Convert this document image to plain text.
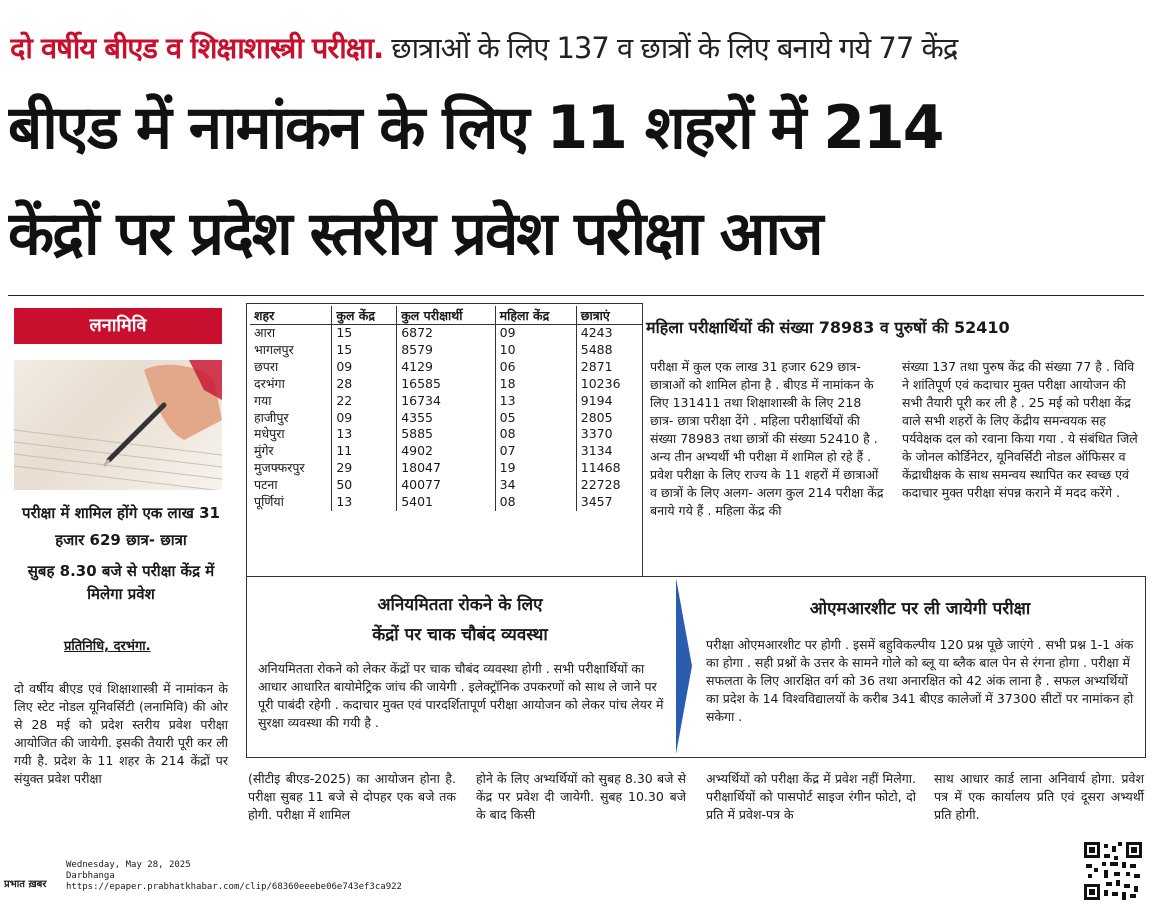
दो वर्षीय बीएड व शिक्षाशास्त्री परीक्षा. छात्राओं के लिए 137 व छात्रों के लिए बनाये गये 77 केंद्र
बीएड में नामांकन के लिए 11 शहरों में 214
केंद्रों पर प्रदेश स्तरीय प्रवेश परीक्षा आज
लनामिवि
परीक्षा में शामिल होंगे एक लाख 31 हजार 629 छात्र- छात्रा
सुबह 8.30 बजे से परीक्षा केंद्र में मिलेगा प्रवेश
प्रतिनिधि, दरभंगा.
दो वर्षीय बीएड एवं शिक्षाशास्त्री में नामांकन के लिए स्टेट नोडल यूनिवर्सिटी (लनामिवि) की ओर से 28 मई को प्रदेश स्तरीय प्रवेश परीक्षा आयोजित की जायेगी. इसकी तैयारी पूरी कर ली गयी है. प्रदेश के 11 शहर के 214 केंद्रों पर संयुक्त प्रवेश परीक्षा
शहर	कुल केंद्र	कुल परीक्षार्थी	महिला केंद्र	छात्राएं
आरा	15	6872	09	4243
भागलपुर	15	8579	10	5488
छपरा	09	4129	06	2871
दरभंगा	28	16585	18	10236
गया	22	16734	13	9194
हाजीपुर	09	4355	05	2805
मधेपुरा	13	5885	08	3370
मुंगेर	11	4902	07	3134
मुजफ्फरपुर	29	18047	19	11468
पटना	50	40077	34	22728
पूर्णियां	13	5401	08	3457
महिला परीक्षार्थियों की संख्या 78983 व पुरुषों की 52410
परीक्षा में कुल एक लाख 31 हजार 629 छात्र- छात्राओं को शामिल होना है . बीएड में नामांकन के लिए 131411 तथा शिक्षाशास्त्री के लिए 218 छात्र- छात्रा परीक्षा देंगे . महिला परीक्षार्थियों की संख्या 78983 तथा छात्रों की संख्या 52410 है . अन्य तीन अभ्यर्थी भी परीक्षा में शामिल हो रहे हैं . प्रवेश परीक्षा के लिए राज्य के 11 शहरों में छात्राओं व छात्रों के लिए अलग- अलग कुल 214 परीक्षा केंद्र बनाये गये हैं . महिला केंद्र की
संख्या 137 तथा पुरुष केंद्र की संख्या 77 है . विवि ने शांतिपूर्ण एवं कदाचार मुक्त परीक्षा आयोजन की सभी तैयारी पूरी कर ली है . 25 मई को परीक्षा केंद्र वाले सभी शहरों के लिए केंद्रीय समन्वयक सह पर्यवेक्षक दल को रवाना किया गया . ये संबंधित जिले के जोनल कोर्डिनेटर, यूनिवर्सिटी नोडल ऑफिसर व केंद्राधीक्षक के साथ समन्वय स्थापित कर स्वच्छ एवं कदाचार मुक्त परीक्षा संपन्न कराने में मदद करेंगे .
अनियमितता रोकने के लिए
केंद्रों पर चाक चौबंद व्यवस्था
अनियमितता रोकने को लेकर केंद्रों पर चाक चौबंद व्यवस्था होगी . सभी परीक्षार्थियों का आधार आधारित बायोमेट्रिक जांच की जायेगी . इलेक्ट्रॉनिक उपकरणों को साथ ले जाने पर पूरी पाबंदी रहेगी . कदाचार मुक्त एवं पारदर्शितापूर्ण परीक्षा आयोजन को लेकर पांच लेयर में सुरक्षा व्यवस्था की गयी है .
ओएमआरशीट पर ली जायेगी परीक्षा
परीक्षा ओएमआरशीट पर होगी . इसमें बहुविकल्पीय 120 प्रश्न पूछे जाएंगे . सभी प्रश्न 1-1 अंक का होगा . सही प्रश्नों के उत्तर के सामने गोले को ब्लू या ब्लैक बाल पेन से रंगना होगा . परीक्षा में सफलता के लिए आरक्षित वर्ग को 36 तथा अनारक्षित को 42 अंक लाना है . सफल अभ्यर्थियों का प्रदेश के 14 विश्वविद्यालयों के करीब 341 बीएड कालेजों में 37300 सीटों पर नामांकन हो सकेगा .
(सीटीइ बीएड-2025) का आयोजन होना है. परीक्षा सुबह 11 बजे से दोपहर एक बजे तक होगी. परीक्षा में शामिल
होने के लिए अभ्यर्थियों को सुबह 8.30 बजे से केंद्र पर प्रवेश दी जायेगी. सुबह 10.30 बजे के बाद किसी
अभ्यर्थियों को परीक्षा केंद्र में प्रवेश नहीं मिलेगा. परीक्षार्थियों को पासपोर्ट साइज रंगीन फोटो, दो प्रति में प्रवेश-पत्र के
साथ आधार कार्ड लाना अनिवार्य होगा. प्रवेश पत्र में एक कार्यालय प्रति एवं दूसरा अभ्यर्थी प्रति होगी.
प्रभात ख़बर
Wednesday, May 28, 2025
Darbhanga
https://epaper.prabhatkhabar.com/clip/68360eeebe06e743ef3ca922
